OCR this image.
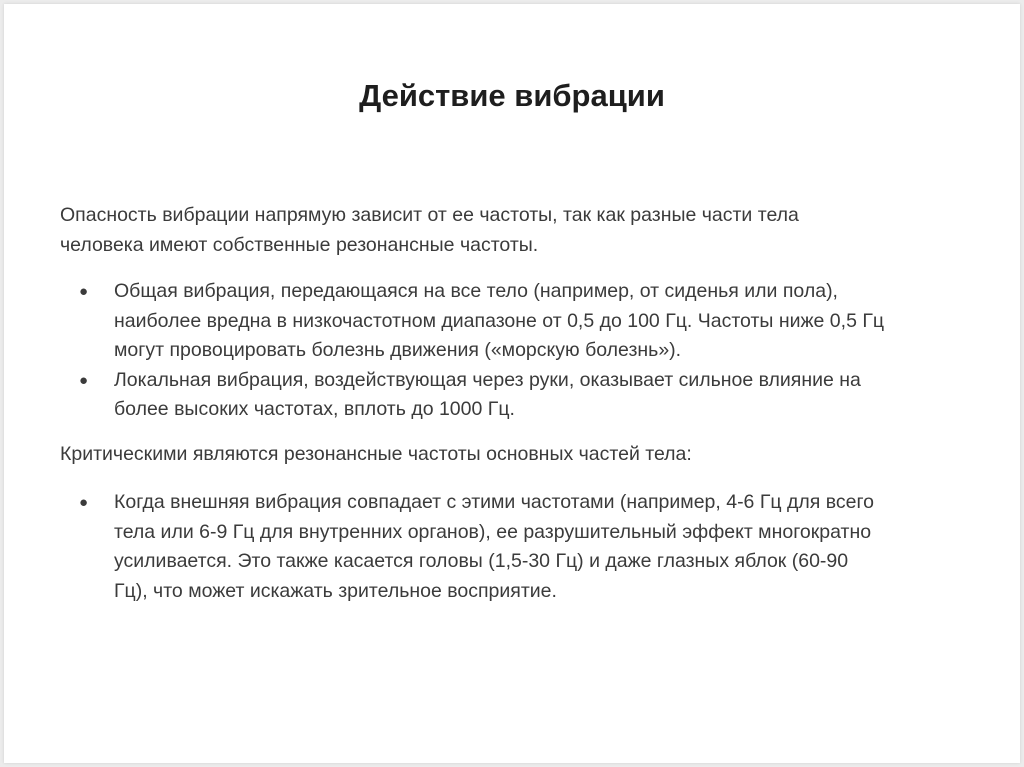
Действие вибрации

Опасность вибрации напрямую зависит от ее частоты, так как разные части тела
человека имеют собственные резонансные частоты.

● Общая вибрация, передающаяся на все тело (например, от сиденья или пола),
наиболее вредна в низкочастотном диапазоне от 0,5 до 100 Гц. Частоты ниже 0,5 Гц
могут провоцировать болезнь движения («морскую болезнь»).
● Локальная вибрация, воздействующая через руки, оказывает сильное влияние на
более высоких частотах, вплоть до 1000 Гц.

Критическими являются резонансные частоты основных частей тела:

● Когда внешняя вибрация совпадает с этими частотами (например, 4-6 Гц для всего
тела или 6-9 Гц для внутренних органов), ее разрушительный эффект многократно
усиливается. Это также касается головы (1,5-30 Гц) и даже глазных яблок (60-90
Гц), что может искажать зрительное восприятие.
